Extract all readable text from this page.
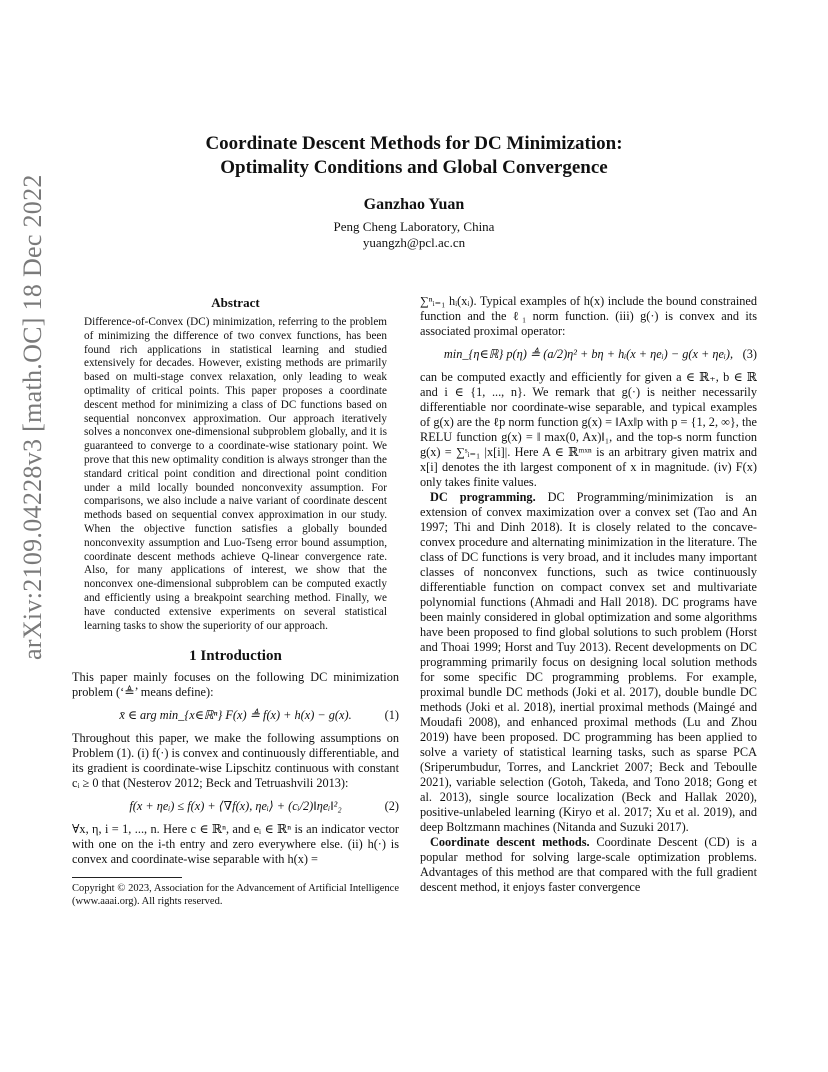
arXiv:2109.04228v3 [math.OC] 18 Dec 2022
Coordinate Descent Methods for DC Minimization:
Optimality Conditions and Global Convergence
Ganzhao Yuan
Peng Cheng Laboratory, China
yuangzh@pcl.ac.cn
Abstract

Difference-of-Convex (DC) minimization, referring to the problem of minimizing the difference of two convex functions, has been found rich applications in statistical learning and studied extensively for decades. However, existing methods are primarily based on multi-stage convex relaxation, only leading to weak optimality of critical points. This paper proposes a coordinate descent method for minimizing a class of DC functions based on sequential nonconvex approximation. Our approach iteratively solves a nonconvex one-dimensional subproblem globally, and it is guaranteed to converge to a coordinate-wise stationary point. We prove that this new optimality condition is always stronger than the standard critical point condition and directional point condition under a mild locally bounded nonconvexity assumption. For comparisons, we also include a naive variant of coordinate descent methods based on sequential convex approximation in our study. When the objective function satisfies a globally bounded nonconvexity assumption and Luo-Tseng error bound assumption, coordinate descent methods achieve Q-linear convergence rate. Also, for many applications of interest, we show that the nonconvex one-dimensional subproblem can be computed exactly and efficiently using a breakpoint searching method. Finally, we have conducted extensive experiments on several statistical learning tasks to show the superiority of our approach.

1 Introduction

This paper mainly focuses on the following DC minimization problem (‘≜’ means define):

x̄ ∈ arg min_{x∈ℝⁿ} F(x) ≜ f(x) + h(x) − g(x).	(1)

Throughout this paper, we make the following assumptions on Problem (1). (i) f(·) is convex and continuously differentiable, and its gradient is coordinate-wise Lipschitz continuous with constant cᵢ ≥ 0 that (Nesterov 2012; Beck and Tetruashvili 2013):

f(x + ηeᵢ) ≤ f(x) + ⟨∇f(x), ηeᵢ⟩ + (cᵢ/2)‖ηeᵢ‖²₂	(2)

∀x, η, i = 1, ..., n. Here c ∈ ℝⁿ, and eᵢ ∈ ℝⁿ is an indicator vector with one on the i-th entry and zero everywhere else. (ii) h(·) is convex and coordinate-wise separable with h(x) =

Copyright © 2023, Association for the Advancement of Artificial Intelligence (www.aaai.org). All rights reserved.

∑ⁿᵢ₌₁ hᵢ(xᵢ). Typical examples of h(x) include the bound constrained function and the ℓ₁ norm function. (iii) g(·) is convex and its associated proximal operator:

min_{η∈ℝ} p(η) ≜ (a/2)η² + bη + hᵢ(x + ηeᵢ) − g(x + ηeᵢ), (3)

can be computed exactly and efficiently for given a ∈ ℝ₊, b ∈ ℝ and i ∈ {1, ..., n}. We remark that g(·) is neither necessarily differentiable nor coordinate-wise separable, and typical examples of g(x) are the ℓp norm function g(x) = ‖Ax‖p with p = {1, 2, ∞}, the RELU function g(x) = ‖ max(0, Ax)‖₁, and the top-s norm function g(x) = ∑ˢᵢ₌₁ |x[i]|. Here A ∈ ℝᵐˣⁿ is an arbitrary given matrix and x[i] denotes the ith largest component of x in magnitude. (iv) F(x) only takes finite values.

DC programming. DC Programming/minimization is an extension of convex maximization over a convex set (Tao and An 1997; Thi and Dinh 2018). It is closely related to the concave-convex procedure and alternating minimization in the literature. The class of DC functions is very broad, and it includes many important classes of nonconvex functions, such as twice continuously differentiable function on compact convex set and multivariate polynomial functions (Ahmadi and Hall 2018). DC programs have been mainly considered in global optimization and some algorithms have been proposed to find global solutions to such problem (Horst and Thoai 1999; Horst and Tuy 2013). Recent developments on DC programming primarily focus on designing local solution methods for some specific DC programming problems. For example, proximal bundle DC methods (Joki et al. 2017), double bundle DC methods (Joki et al. 2018), inertial proximal methods (Maingé and Moudafi 2008), and enhanced proximal methods (Lu and Zhou 2019) have been proposed. DC programming has been applied to solve a variety of statistical learning tasks, such as sparse PCA (Sriperumbudur, Torres, and Lanckriet 2007; Beck and Teboulle 2021), variable selection (Gotoh, Takeda, and Tono 2018; Gong et al. 2013), single source localization (Beck and Hallak 2020), positive-unlabeled learning (Kiryo et al. 2017; Xu et al. 2019), and deep Boltzmann machines (Nitanda and Suzuki 2017).

Coordinate descent methods. Coordinate Descent (CD) is a popular method for solving large-scale optimization problems. Advantages of this method are that compared with the full gradient descent method, it enjoys faster convergence
